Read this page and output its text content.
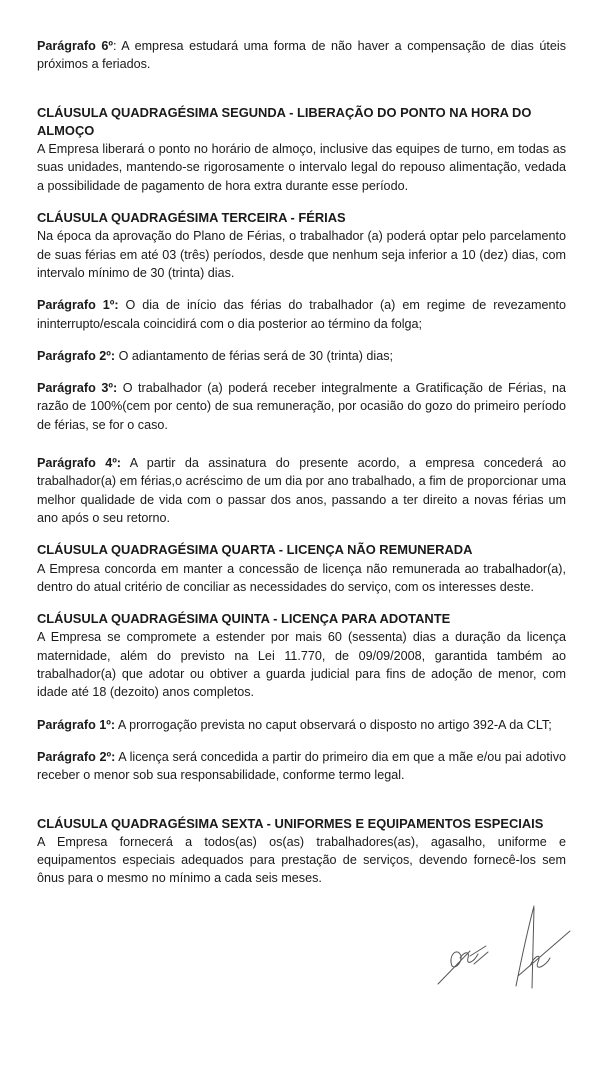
Parágrafo 6º: A empresa estudará uma forma de não haver a compensação de dias úteis próximos a feriados.

CLÁUSULA QUADRAGÉSIMA SEGUNDA - LIBERAÇÃO DO PONTO NA HORA DO ALMOÇO

A Empresa liberará o ponto no horário de almoço, inclusive das equipes de turno, em todas as suas unidades, mantendo-se rigorosamente o intervalo legal do repouso alimentação, vedada a possibilidade de pagamento de hora extra durante esse período.

CLÁUSULA QUADRAGÉSIMA TERCEIRA - FÉRIAS

Na época da aprovação do Plano de Férias, o trabalhador (a) poderá optar pelo parcelamento de suas férias em até 03 (três) períodos, desde que nenhum seja inferior a 10 (dez) dias, com intervalo mínimo de 30 (trinta) dias.

Parágrafo 1º: O dia de início das férias do trabalhador (a) em regime de revezamento ininterrupto/escala coincidirá com o dia posterior ao término da folga;

Parágrafo 2º: O adiantamento de férias será de 30 (trinta) dias;

Parágrafo 3º: O trabalhador (a) poderá receber integralmente a Gratificação de Férias, na razão de 100%(cem por cento) de sua remuneração, por ocasião do gozo do primeiro período de férias, se for o caso.

Parágrafo 4º: A partir da assinatura do presente acordo, a empresa concederá ao trabalhador(a) em férias,o acréscimo de um dia por ano trabalhado, a fim de proporcionar uma melhor qualidade de vida com o passar dos anos, passando a ter direito a novas férias um ano após o seu retorno.

CLÁUSULA QUADRAGÉSIMA QUARTA - LICENÇA NÃO REMUNERADA

A Empresa concorda em manter a concessão de licença não remunerada ao trabalhador(a), dentro do atual critério de conciliar as necessidades do serviço, com os interesses deste.

CLÁUSULA QUADRAGÉSIMA QUINTA - LICENÇA PARA ADOTANTE

A Empresa se compromete a estender por mais 60 (sessenta) dias a duração da licença maternidade, além do previsto na Lei 11.770, de 09/09/2008, garantida também ao trabalhador(a) que adotar ou obtiver a guarda judicial para fins de adoção de menor, com idade até 18 (dezoito) anos completos.

Parágrafo 1º: A prorrogação prevista no caput observará o disposto no artigo 392-A da CLT;

Parágrafo 2º: A licença será concedida a partir do primeiro dia em que a mãe e/ou pai adotivo receber o menor sob sua responsabilidade, conforme termo legal.

CLÁUSULA QUADRAGÉSIMA SEXTA - UNIFORMES E EQUIPAMENTOS ESPECIAIS

A Empresa fornecerá a todos(as) os(as) trabalhadores(as), agasalho, uniforme e equipamentos especiais adequados para prestação de serviços, devendo fornecê-los sem ônus para o mesmo no mínimo a cada seis meses.
